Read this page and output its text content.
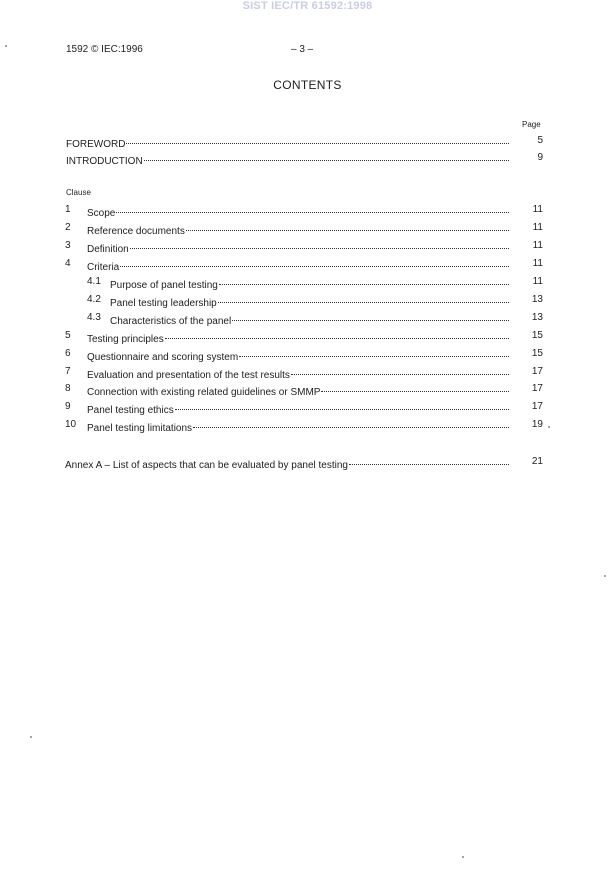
SIST IEC/TR 61592:1998
1592 © IEC:1996	– 3 –
CONTENTS
Page
FOREWORD	5
INTRODUCTION	9
Clause
1 Scope	11
2 Reference documents	11
3 Definition	11
4 Criteria	11
4.1 Purpose of panel testing	11
4.2 Panel testing leadership	13
4.3 Characteristics of the panel	13
5 Testing principles	15
6 Questionnaire and scoring system	15
7 Evaluation and presentation of the test results	17
8 Connection with existing related guidelines or SMMP	17
9 Panel testing ethics	17
10 Panel testing limitations	19
Annex A – List of aspects that can be evaluated by panel testing	21
